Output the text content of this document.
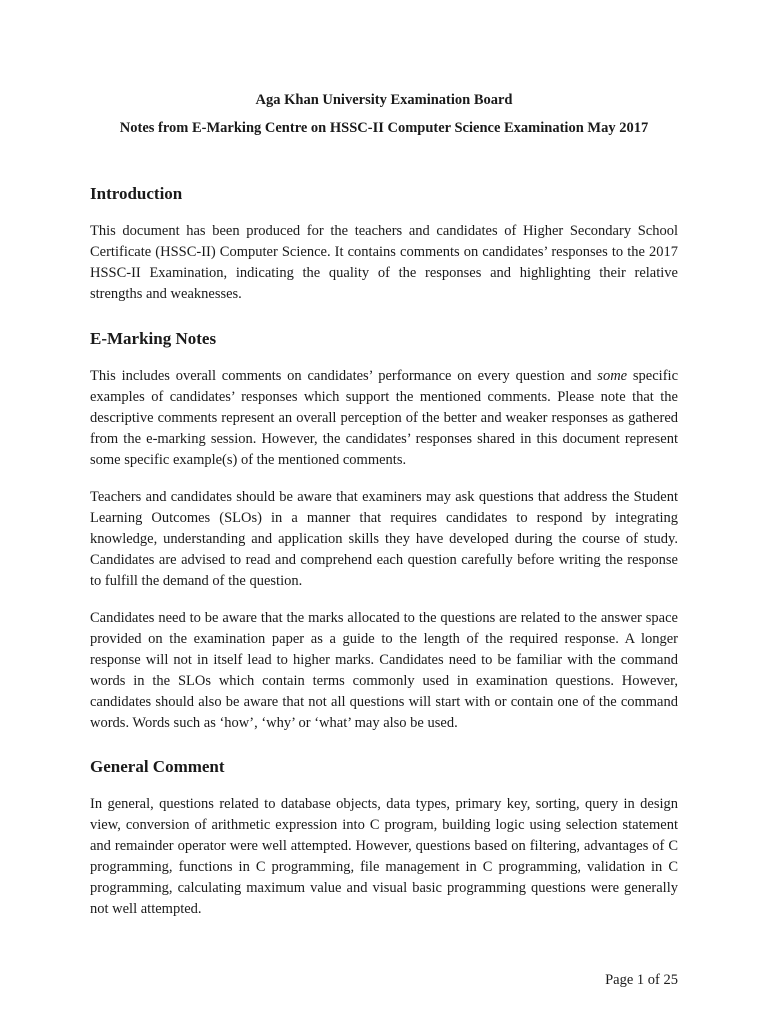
Aga Khan University Examination Board
Notes from E-Marking Centre on HSSC-II Computer Science Examination May 2017
Introduction

This document has been produced for the teachers and candidates of Higher Secondary School Certificate (HSSC-II) Computer Science. It contains comments on candidates’ responses to the 2017 HSSC-II Examination, indicating the quality of the responses and highlighting their relative strengths and weaknesses.

E-Marking Notes

This includes overall comments on candidates’ performance on every question and some specific examples of candidates’ responses which support the mentioned comments. Please note that the descriptive comments represent an overall perception of the better and weaker responses as gathered from the e-marking session. However, the candidates’ responses shared in this document represent some specific example(s) of the mentioned comments.

Teachers and candidates should be aware that examiners may ask questions that address the Student Learning Outcomes (SLOs) in a manner that requires candidates to respond by integrating knowledge, understanding and application skills they have developed during the course of study. Candidates are advised to read and comprehend each question carefully before writing the response to fulfill the demand of the question.

Candidates need to be aware that the marks allocated to the questions are related to the answer space provided on the examination paper as a guide to the length of the required response. A longer response will not in itself lead to higher marks. Candidates need to be familiar with the command words in the SLOs which contain terms commonly used in examination questions. However, candidates should also be aware that not all questions will start with or contain one of the command words. Words such as ‘how’, ‘why’ or ‘what’ may also be used.

General Comment

In general, questions related to database objects, data types, primary key, sorting, query in design view, conversion of arithmetic expression into C program, building logic using selection statement and remainder operator were well attempted. However, questions based on filtering, advantages of C programming, functions in C programming, file management in C programming, validation in C programming, calculating maximum value and visual basic programming questions were generally not well attempted.

Page 1 of 25
